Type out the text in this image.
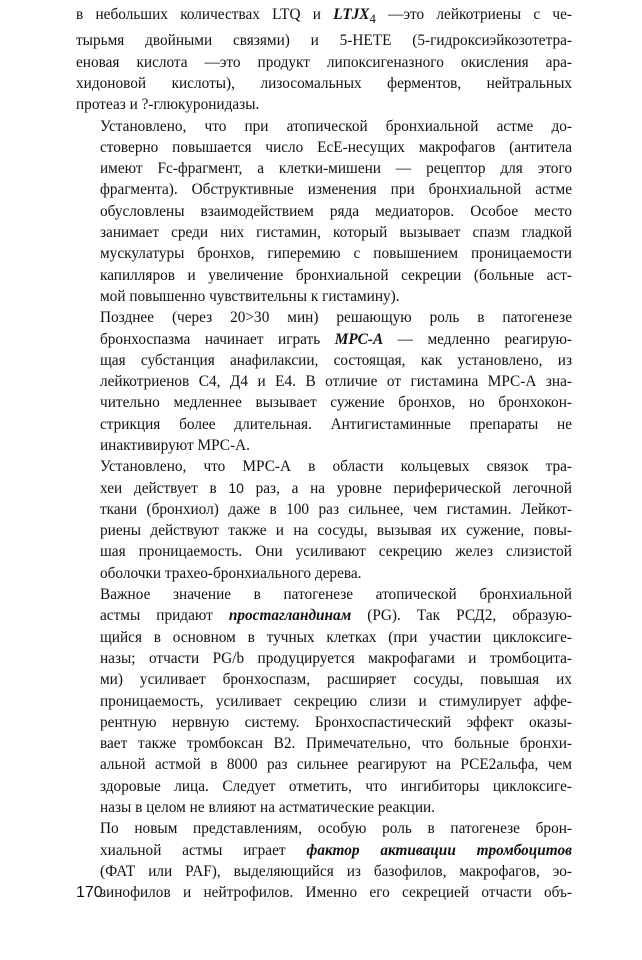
в небольших количествах LTQ и $LTJX_4$ —это лейкотриены с че-
тырьмя двойными связями) и 5-НЕТЕ (5-гидроксиэйкозотетра-
еновая кислота —это продукт липоксигеназного окисления ара-
хидоновой кислоты), лизосомальных ферментов, нейтральных
протеаз и ?-глюкуронидазы.

Установлено, что при атопической бронхиальной астме до-
стоверно повышается число ЕсЕ-несущих макрофагов (антитела
имеют Fc-фрагмент, а клетки-мишени — рецептор для этого
фрагмента). Обструктивные изменения при бронхиальной астме
обусловлены взаимодействием ряда медиаторов. Особое место
занимает среди них гистамин, который вызывает спазм гладкой
мускулатуры бронхов, гиперемию с повышением проницаемости
капилляров и увеличение бронхиальной секреции (больные аст-
мой повышенно чувствительны к гистамину).

Позднее (через 20>30 мин) решающую роль в патогенезе
бронхоспазма начинает играть МРС-А — медленно реагирую-
щая субстанция анафилаксии, состоящая, как установлено, из
лейкотриенов С4, Д4 и Е4. В отличие от гистамина МРС-А зна-
чительно медленнее вызывает сужение бронхов, но бронхокон-
стрикция более длительная. Антигистаминные препараты не
инактивируют МРС-А.

Установлено, что МРС-А в области кольцевых связок тра-
хеи действует в 10 раз, а на уровне периферической легочной
ткани (бронхиол) даже в 100 раз сильнее, чем гистамин. Лейкот-
риены действуют также и на сосуды, вызывая их сужение, повы-
шая проницаемость. Они усиливают секрецию желез слизистой
оболочки трахео-бронхиального дерева.

Важное значение в патогенезе атопической бронхиальной
астмы придают простагландинам (PG). Так РСД2, образую-
щийся в основном в тучных клетках (при участии циклоксиге-
назы; отчасти PG/b продуцируется макрофагами и тромбоцита-
ми) усиливает бронхоспазм, расширяет сосуды, повышая их
проницаемость, усиливает секрецию слизи и стимулирует аффе-
рентную нервную систему. Бронхоспастический эффект оказы-
вает также тромбоксан В2. Примечательно, что больные бронхи-
альной астмой в 8000 раз сильнее реагируют на РСЕ2альфа, чем
здоровые лица. Следует отметить, что ингибиторы циклоксиге-
назы в целом не влияют на астматические реакции.

По новым представлениям, особую роль в патогенезе брон-
хиальной астмы играет фактор активации тромбоцитов
(ФАТ или PAF), выделяющийся из базофилов, макрофагов, эо-
зинофилов и нейтрофилов. Именно его секрецией отчасти объ-

170
